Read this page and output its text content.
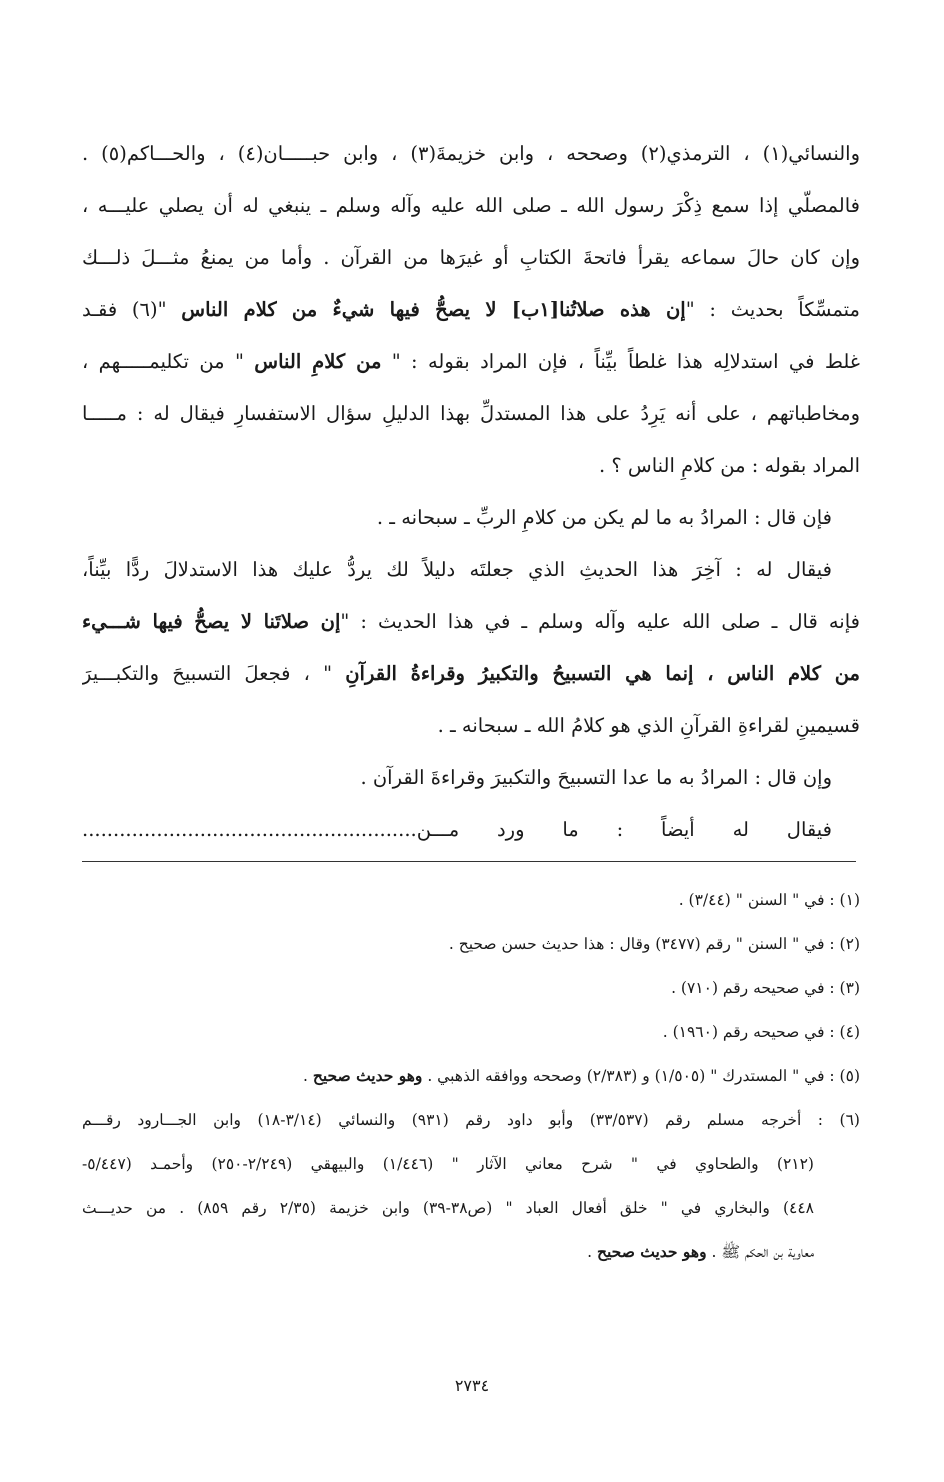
والنسائي(١) ، الترمذي(٢) وصححه ، وابن خزيمةَ(٣) ، وابن حبـــــان(٤) ، والحـــاكم(٥) .
فالمصلّي إذا سمع ذِكْرَ رسول الله ـ صلى الله عليه وآله وسلم ـ ينبغي له أن يصلي عليـــه ،
وإن كان حالَ سماعه يقرأ فاتحةَ الكتابِ أو غيرَها من القرآن . وأما من يمنعُ مثـــلَ ذلـــك
متمسِّكاً بحديث : "إن هذه صلاتُنا[١ب] لا يصحُّ فيها شيءٌ من كلام الناس "(٦) فقـد
غلط في استدلالِه هذا غلطاً بيِّناً ، فإن المراد بقوله : " من كلامِ الناس " من تكليمـــــهم ،
ومخاطباتهم ، على أنه يَرِدُ على هذا المستدلِّ بهذا الدليلِ سؤال الاستفسارِ فيقال له : مـــــا
المراد بقوله : من كلامِ الناس ؟ .
فإن قال : المرادُ به ما لم يكن من كلامِ الربِّ ـ سبحانه ـ .
فيقال له : آخِرَ هذا الحديثِ الذي جعلتَه دليلاً لك يردُّ عليك هذا الاستدلالَ ردًّا بيِّناً،
فإنه قال ـ صلى الله عليه وآله وسلم ـ في هذا الحديث : "إن صلاتَنا لا يصحُّ فيها شـــيء
من كلام الناس ، إنما هي التسبيحُ والتكبيرُ وقراءةُ القرآنِ " ، فجعلَ التسبيحَ والتكبـــيرَ
قسيمينِ لقراءةِ القرآنِ الذي هو كلامُ الله ـ سبحانه ـ .
وإن قال : المرادُ به ما عدا التسبيحَ والتكبيرَ وقراءةَ القرآن .
فيقال له أيضاً : ما ورد مـــن......................................................
(١) : في " السنن " (٣/٤٤) .
(٢) : في " السنن " رقم (٣٤٧٧) وقال : هذا حديث حسن صحيح .
(٣) : في صحيحه رقم (٧١٠) .
(٤) : في صحيحه رقم (١٩٦٠) .
(٥) : في " المستدرك " (١/٥٠٥) و (٢/٣٨٣) وصححه ووافقه الذهبي . وهو حديث صحيح .
(٦) : أخرجه مسلم رقم (٣٣/٥٣٧) وأبو داود رقم (٩٣١) والنسائي (٣/١٤-١٨) وابن الجـــارود رقـــم
(٢١٢) والطحاوي في " شرح معاني الآثار " (١/٤٤٦) والبيهقي (٢/٢٤٩-٢٥٠) وأحمـد (٥/٤٤٧-
٤٤٨) والبخاري في " خلق أفعال العباد " (ص٣٨-٣٩) وابن خزيمة (٢/٣٥ رقم ٨٥٩) . من حديـــث
معاوية بن الحكم ﷺ . وهو حديث صحيح .
٢٧٣٤
